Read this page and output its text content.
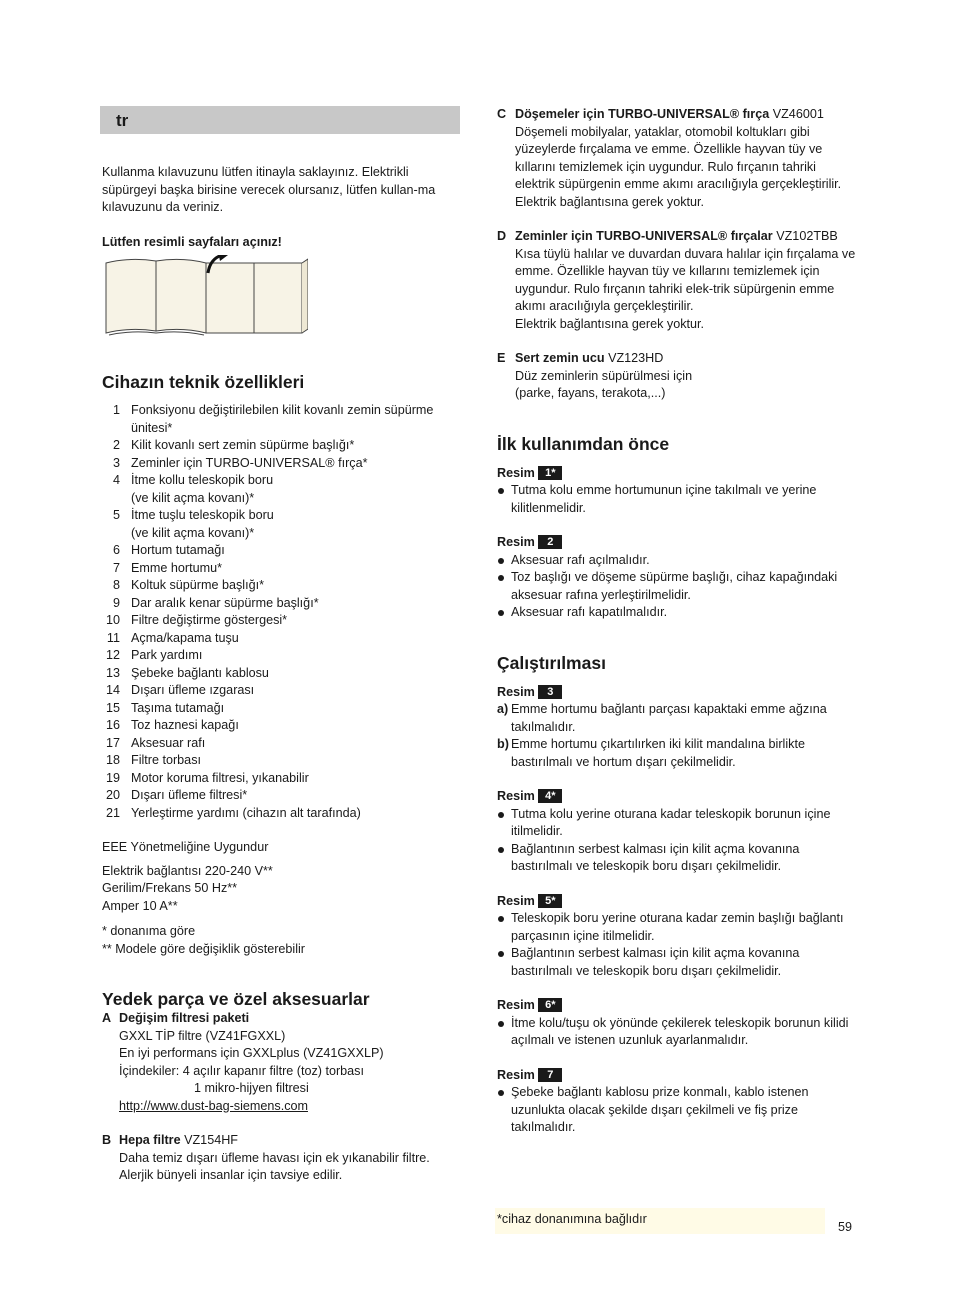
tr

Kullanma kılavuzunu lütfen itinayla saklayınız. Elektrikli süpürgeyi başka birisine verecek olursanız, lütfen kullan-ma kılavuzunu da veriniz.

Lütfen resimli sayfaları açınız!

Cihazın teknik özellikleri
1 Fonksiyonu değiştirilebilen kilit kovanlı zemin süpürme ünitesi*
2 Kilit kovanlı sert zemin süpürme başlığı*
3 Zeminler için TURBO-UNIVERSAL® fırça*
4 İtme kollu teleskopik boru
(ve kilit açma kovanı)*
5 İtme tuşlu teleskopik boru
(ve kilit açma kovanı)*
6 Hortum tutamağı
7 Emme hortumu*
8 Koltuk süpürme başlığı*
9 Dar aralık kenar süpürme başlığı*
10 Filtre değiştirme göstergesi*
11 Açma/kapama tuşu
12 Park yardımı
13 Şebeke bağlantı kablosu
14 Dışarı üfleme ızgarası
15 Taşıma tutamağı
16 Toz haznesi kapağı
17 Aksesuar rafı
18 Filtre torbası
19 Motor koruma filtresi, yıkanabilir
20 Dışarı üfleme filtresi*
21 Yerleştirme yardımı (cihazın alt tarafında)

EEE Yönetmeliğine Uygundur

Elektrik bağlantısı 220-240 V**

Gerilim/Frekans 50 Hz**

Amper 10 A**

* donanıma göre

** Modele göre değişiklik gösterebilir

Yedek parça ve özel aksesuarlar
A Değişim filtresi paketi

GXXL TİP filtre (VZ41FGXXL)

En iyi performans için GXXLplus (VZ41GXXLP)

İçindekiler: 4 açılır kapanır filtre (toz) torbası

1 mikro-hijyen filtresi

http://www.dust-bag-siemens.com

B Hepa filtre VZ154HF

Daha temiz dışarı üfleme havası için ek yıkanabilir filtre.

Alerjik bünyeli insanlar için tavsiye edilir.

C Döşemeler için TURBO-UNIVERSAL® fırça VZ46001

Döşemeli mobilyalar, yataklar, otomobil koltukları gibi yüzeylerde fırçalama ve emme. Özellikle hayvan tüy ve kıllarını temizlemek için uygundur. Rulo fırçanın tahriki elektrik süpürgenin emme akımı aracılığıyla gerçekleştirilir.

Elektrik bağlantısına gerek yoktur.

D Zeminler için TURBO-UNIVERSAL® fırçalar VZ102TBB

Kısa tüylü halılar ve duvardan duvara halılar için fırçalama ve emme. Özellikle hayvan tüy ve kıllarını temizlemek için uygundur. Rulo fırçanın tahriki elek-trik süpürgenin emme akımı aracılığıyla gerçekleştirilir.

Elektrik bağlantısına gerek yoktur.

E Sert zemin ucu VZ123HD

Düz zeminlerin süpürülmesi için

(parke, fayans, terakota,...)

İlk kullanımdan önce

Resim 1*

Tutma kolu emme hortumunun içine takılmalı ve yerine kilitlenmelidir.

Resim 2

Aksesuar rafı açılmalıdır.
Toz başlığı ve döşeme süpürme başlığı, cihaz kapağındaki aksesuar rafına yerleştirilmelidir.
Aksesuar rafı kapatılmalıdır.
Çalıştırılması

Resim 3

a) Emme hortumu bağlantı parçası kapaktaki emme ağzına takılmalıdır.
b) Emme hortumu çıkartılırken iki kilit mandalına birlikte bastırılmalı ve hortum dışarı çekilmelidir.

Resim 4*

Tutma kolu yerine oturana kadar teleskopik borunun içine itilmelidir.
Bağlantının serbest kalması için kilit açma kovanına bastırılmalı ve teleskopik boru dışarı çekilmelidir.

Resim 5*

Teleskopik boru yerine oturana kadar zemin başlığı bağlantı parçasının içine itilmelidir.
Bağlantının serbest kalması için kilit açma kovanına bastırılmalı ve teleskopik boru dışarı çekilmelidir.

Resim 6*

İtme kolu/tuşu ok yönünde çekilerek teleskopik borunun kilidi açılmalı ve istenen uzunluk ayarlanmalıdır.

Resim 7

Şebeke bağlantı kablosu prize konmalı, kablo istenen uzunlukta olacak şekilde dışarı çekilmeli ve fiş prize takılmalıdır.
*cihaz donanımına bağlıdır
59
